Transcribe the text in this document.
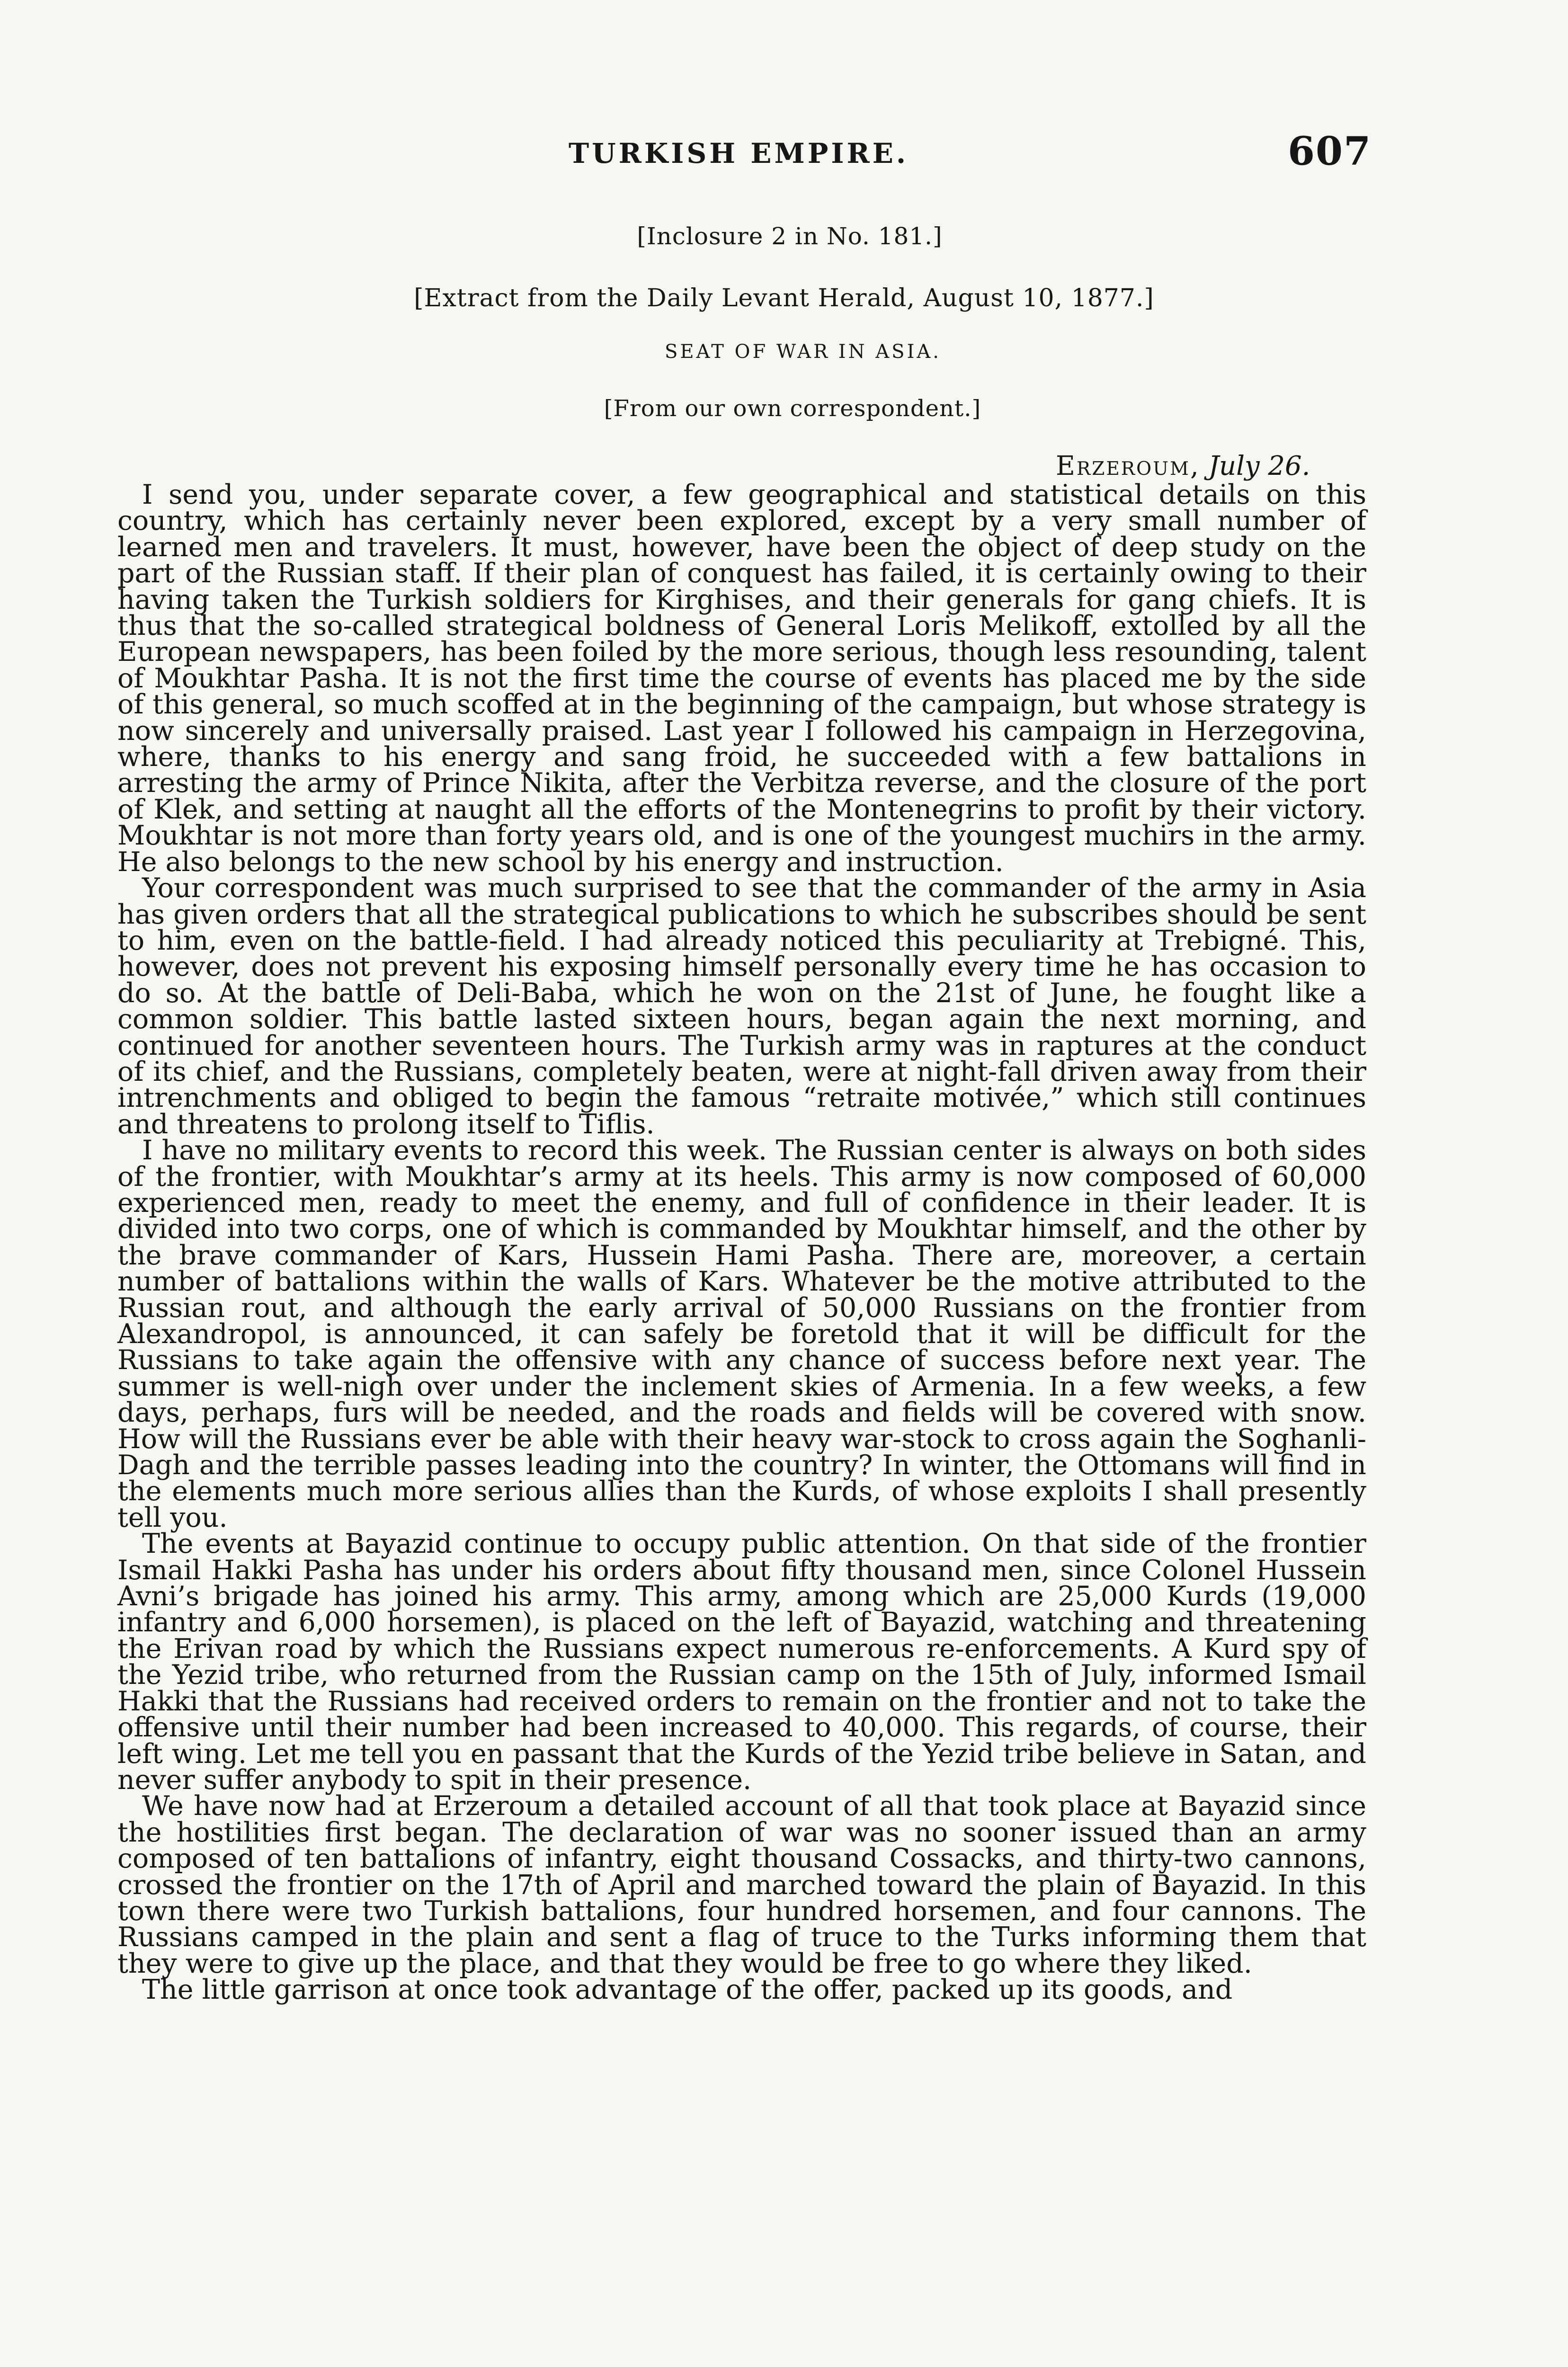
TURKISH EMPIRE.	607
[Inclosure 2 in No. 181.]
[Extract from the Daily Levant Herald, August 10, 1877.]
SEAT OF WAR IN ASIA.
[From our own correspondent.]
Erzeroum, July 26.

I send you, under separate cover, a few geographical and statistical details on this country, which has certainly never been explored, except by a very small number of learned men and travelers. It must, however, have been the object of deep study on the part of the Russian staff. If their plan of conquest has failed, it is certainly owing to their having taken the Turkish soldiers for Kirghises, and their generals for gang chiefs. It is thus that the so-called strategical boldness of General Loris Melikoff, extolled by all the European newspapers, has been foiled by the more serious, though less resounding, talent of Moukhtar Pasha. It is not the first time the course of events has placed me by the side of this general, so much scoffed at in the beginning of the campaign, but whose strategy is now sincerely and universally praised. Last year I followed his campaign in Herzegovina, where, thanks to his energy and sang froid, he succeeded with a few battalions in arresting the army of Prince Nikita, after the Verbitza reverse, and the closure of the port of Klek, and setting at naught all the efforts of the Montenegrins to profit by their victory. Moukhtar is not more than forty years old, and is one of the youngest muchirs in the army. He also belongs to the new school by his energy and instruction.

Your correspondent was much surprised to see that the commander of the army in Asia has given orders that all the strategical publications to which he subscribes should be sent to him, even on the battle-field. I had already noticed this peculiarity at Trebigné. This, however, does not prevent his exposing himself personally every time he has occasion to do so. At the battle of Deli-Baba, which he won on the 21st of June, he fought like a common soldier. This battle lasted sixteen hours, began again the next morning, and continued for another seventeen hours. The Turkish army was in raptures at the conduct of its chief, and the Russians, completely beaten, were at night-fall driven away from their intrenchments and obliged to begin the famous “retraite motivée,” which still continues and threatens to prolong itself to Tiflis.

I have no military events to record this week. The Russian center is always on both sides of the frontier, with Moukhtar’s army at its heels. This army is now composed of 60,000 experienced men, ready to meet the enemy, and full of confidence in their leader. It is divided into two corps, one of which is commanded by Moukhtar himself, and the other by the brave commander of Kars, Hussein Hami Pasha. There are, moreover, a certain number of battalions within the walls of Kars. Whatever be the motive attributed to the Russian rout, and although the early arrival of 50,000 Russians on the frontier from Alexandropol, is announced, it can safely be foretold that it will be difficult for the Russians to take again the offensive with any chance of success before next year. The summer is well-nigh over under the inclement skies of Armenia. In a few weeks, a few days, perhaps, furs will be needed, and the roads and fields will be covered with snow. How will the Russians ever be able with their heavy war-stock to cross again the Soghanli-Dagh and the terrible passes leading into the country? In winter, the Ottomans will find in the elements much more serious allies than the Kurds, of whose exploits I shall presently tell you.

The events at Bayazid continue to occupy public attention. On that side of the frontier Ismail Hakki Pasha has under his orders about fifty thousand men, since Colonel Hussein Avni’s brigade has joined his army. This army, among which are 25,000 Kurds (19,000 infantry and 6,000 horsemen), is placed on the left of Bayazid, watching and threatening the Erivan road by which the Russians expect numerous re-enforcements. A Kurd spy of the Yezid tribe, who returned from the Russian camp on the 15th of July, informed Ismail Hakki that the Russians had received orders to remain on the frontier and not to take the offensive until their number had been increased to 40,000. This regards, of course, their left wing. Let me tell you en passant that the Kurds of the Yezid tribe believe in Satan, and never suffer anybody to spit in their presence.

We have now had at Erzeroum a detailed account of all that took place at Bayazid since the hostilities first began. The declaration of war was no sooner issued than an army composed of ten battalions of infantry, eight thousand Cossacks, and thirty-two cannons, crossed the frontier on the 17th of April and marched toward the plain of Bayazid. In this town there were two Turkish battalions, four hundred horsemen, and four cannons. The Russians camped in the plain and sent a flag of truce to the Turks informing them that they were to give up the place, and that they would be free to go where they liked.

The little garrison at once took advantage of the offer, packed up its goods, and
